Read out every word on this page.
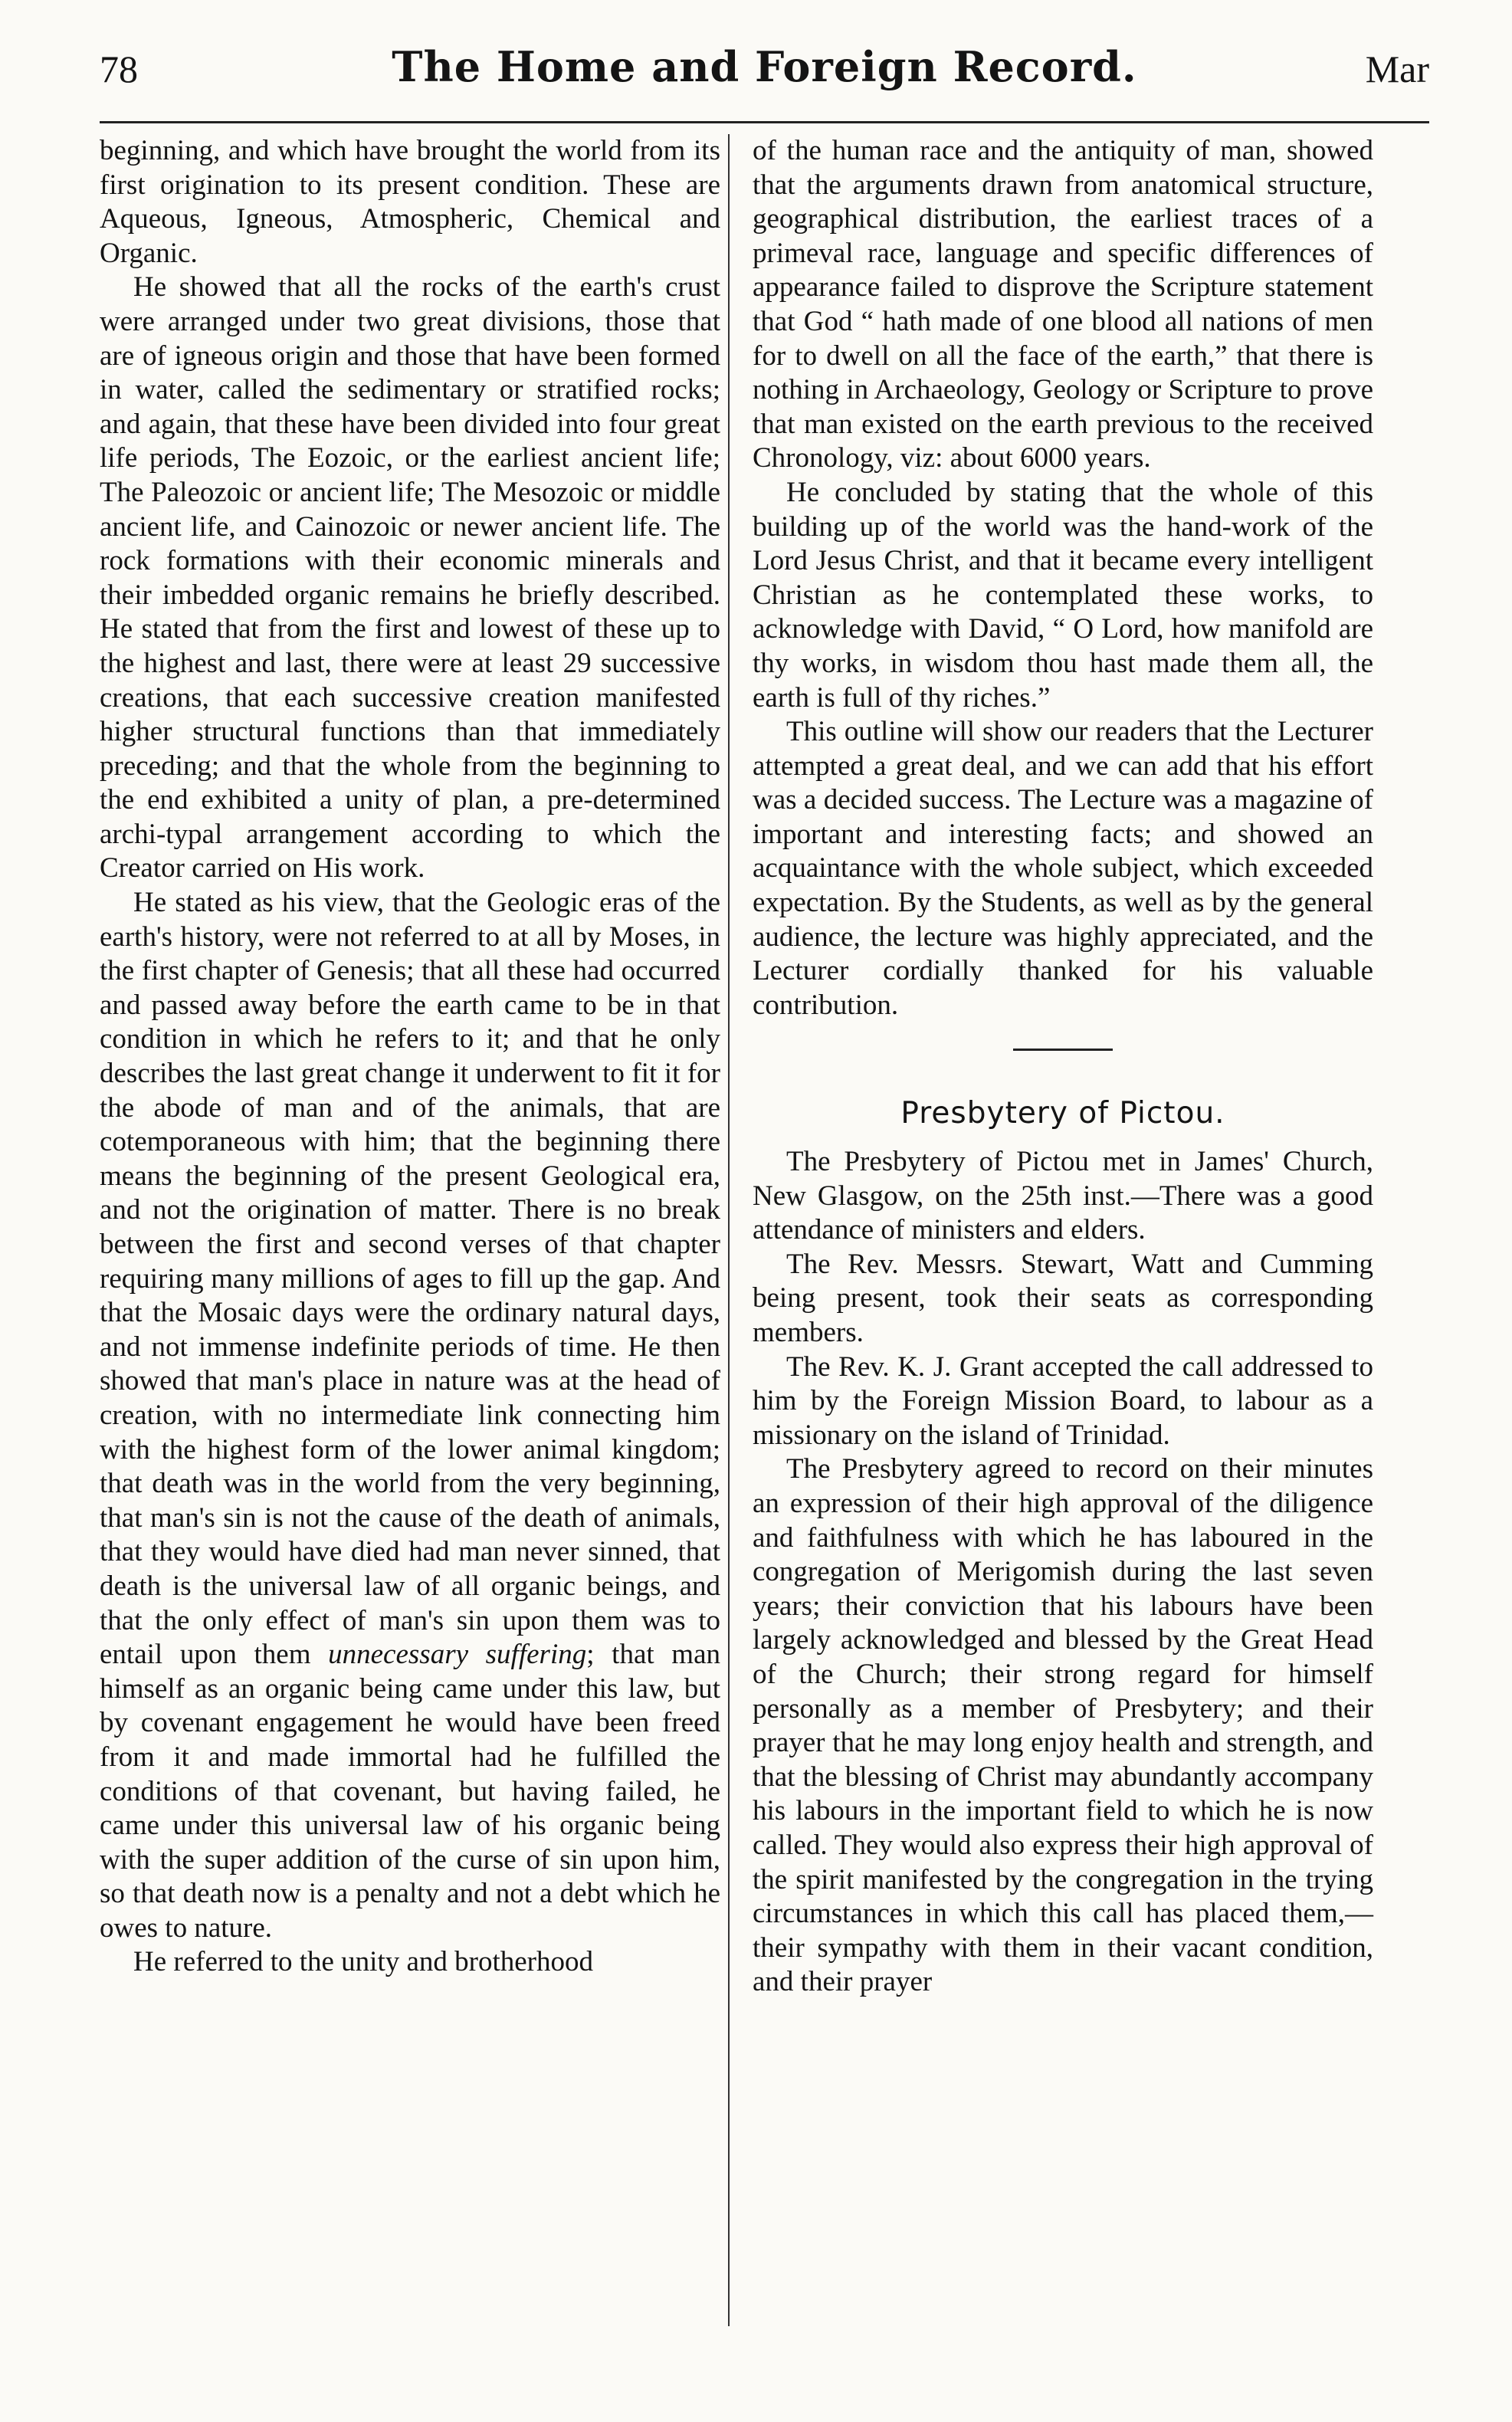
78	The Home and Foreign Record.	Mar

beginning, and which have brought the world from its first origination to its present condition. These are Aqueous, Igneous, Atmospheric, Chemical and Organic.

He showed that all the rocks of the earth's crust were arranged under two great divisions, those that are of igneous origin and those that have been formed in water, called the sedimentary or stratified rocks; and again, that these have been divided into four great life periods, The Eozoic, or the earliest ancient life; The Paleozoic or ancient life; The Mesozoic or middle ancient life, and Cainozoic or newer ancient life. The rock formations with their economic minerals and their imbedded organic remains he briefly described. He stated that from the first and lowest of these up to the highest and last, there were at least 29 successive creations, that each successive creation manifested higher structural functions than that immediately preceding; and that the whole from the beginning to the end exhibited a unity of plan, a pre-determined archi-typal arrangement according to which the Creator carried on His work.

He stated as his view, that the Geologic eras of the earth's history, were not referred to at all by Moses, in the first chapter of Genesis; that all these had occurred and passed away before the earth came to be in that condition in which he refers to it; and that he only describes the last great change it underwent to fit it for the abode of man and of the animals, that are cotemporaneous with him; that the beginning there means the beginning of the present Geological era, and not the origination of matter. There is no break between the first and second verses of that chapter requiring many millions of ages to fill up the gap. And that the Mosaic days were the ordinary natural days, and not immense indefinite periods of time. He then showed that man's place in nature was at the head of creation, with no intermediate link connecting him with the highest form of the lower animal kingdom; that death was in the world from the very beginning, that man's sin is not the cause of the death of animals, that they would have died had man never sinned, that death is the universal law of all organic beings, and that the only effect of man's sin upon them was to entail upon them unnecessary suffering; that man himself as an organic being came under this law, but by covenant engagement he would have been freed from it and made immortal had he fulfilled the conditions of that covenant, but having failed, he came under this universal law of his organic being with the super addition of the curse of sin upon him, so that death now is a penalty and not a debt which he owes to nature.

He referred to the unity and brotherhood

of the human race and the antiquity of man, showed that the arguments drawn from anatomical structure, geographical distribution, the earliest traces of a primeval race, language and specific differences of appearance failed to disprove the Scripture statement that God “ hath made of one blood all nations of men for to dwell on all the face of the earth,” that there is nothing in Archaeology, Geology or Scripture to prove that man existed on the earth previous to the received Chronology, viz: about 6000 years.

He concluded by stating that the whole of this building up of the world was the hand-work of the Lord Jesus Christ, and that it became every intelligent Christian as he contemplated these works, to acknowledge with David, “ O Lord, how manifold are thy works, in wisdom thou hast made them all, the earth is full of thy riches.”

This outline will show our readers that the Lecturer attempted a great deal, and we can add that his effort was a decided success. The Lecture was a magazine of important and interesting facts; and showed an acquaintance with the whole subject, which exceeded expectation. By the Students, as well as by the general audience, the lecture was highly appreciated, and the Lecturer cordially thanked for his valuable contribution.

Presbytery of Pictou.

The Presbytery of Pictou met in James' Church, New Glasgow, on the 25th inst.—There was a good attendance of ministers and elders.

The Rev. Messrs. Stewart, Watt and Cumming being present, took their seats as corresponding members.

The Rev. K. J. Grant accepted the call addressed to him by the Foreign Mission Board, to labour as a missionary on the island of Trinidad.

The Presbytery agreed to record on their minutes an expression of their high approval of the diligence and faithfulness with which he has laboured in the congregation of Merigomish during the last seven years; their conviction that his labours have been largely acknowledged and blessed by the Great Head of the Church; their strong regard for himself personally as a member of Presbytery; and their prayer that he may long enjoy health and strength, and that the blessing of Christ may abundantly accompany his labours in the important field to which he is now called. They would also express their high approval of the spirit manifested by the congregation in the trying circumstances in which this call has placed them,—their sympathy with them in their vacant condition, and their prayer
